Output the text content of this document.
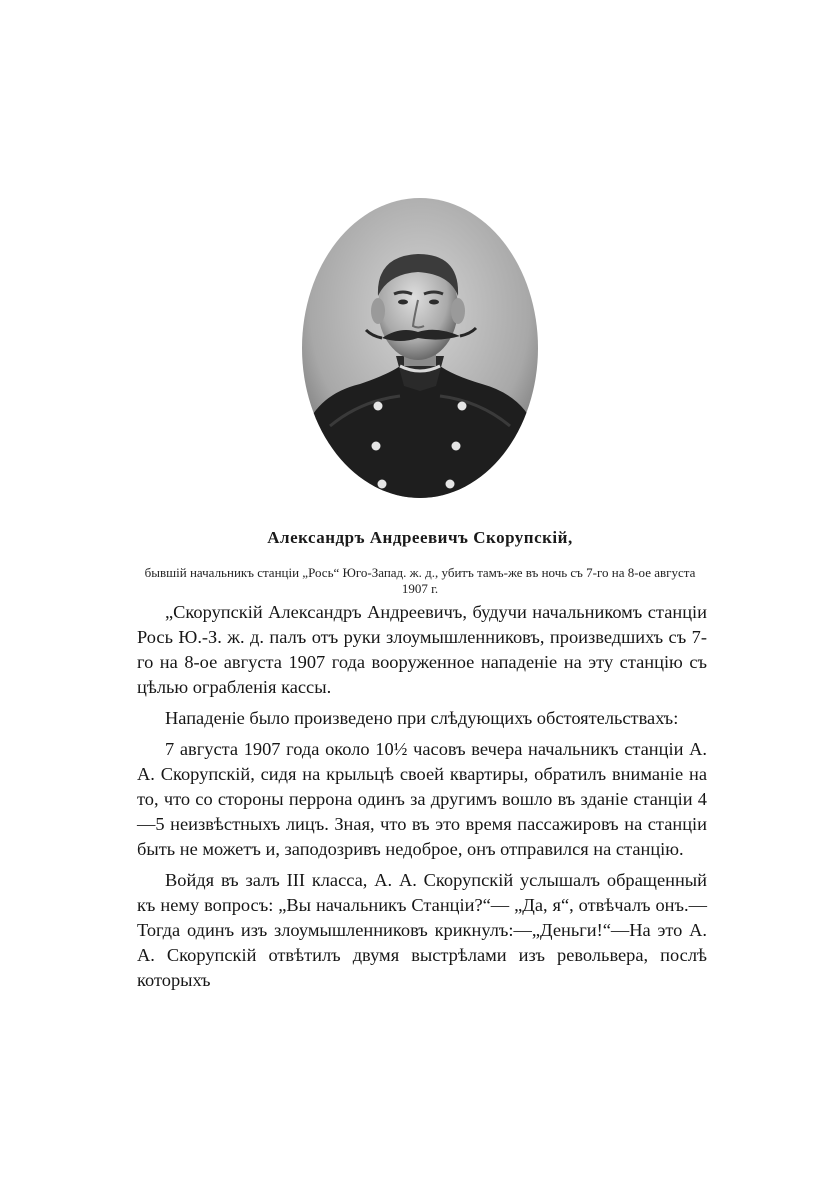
Александръ Андреевичъ Скорупскій,

бывшій начальникъ станціи „Рось“ Юго-Запад. ж. д., убитъ тамъ-же въ ночь съ 7-го на 8-ое августа 1907 г.

„Скорупскій Александръ Андреевичъ, будучи начальникомъ станціи Рось Ю.-З. ж. д. палъ отъ руки злоумышленниковъ, произведшихъ съ 7-го на 8-ое августа 1907 года вооруженное нападеніе на эту станцію съ цѣлью ограбленія кассы.

Нападеніе было произведено при слѣдующихъ обстоятельствахъ:

7 августа 1907 года около 10½ часовъ вечера начальникъ станціи А. А. Скорупскій, сидя на крыльцѣ своей квартиры, обратилъ вниманіе на то, что со стороны перрона одинъ за другимъ вошло въ зданіе станціи 4—5 неизвѣстныхъ лицъ. Зная, что въ это время пассажировъ на станціи быть не можетъ и, заподозривъ недоброе, онъ отправился на станцію.

Войдя въ залъ III класса, А. А. Скорупскій услышалъ обращенный къ нему вопросъ: „Вы начальникъ Станціи?“— „Да, я“, отвѣчалъ онъ.—Тогда одинъ изъ злоумышленниковъ крикнулъ:—„Деньги!“—На это А. А. Скорупскій отвѣтилъ двумя выстрѣлами изъ револьвера, послѣ которыхъ
